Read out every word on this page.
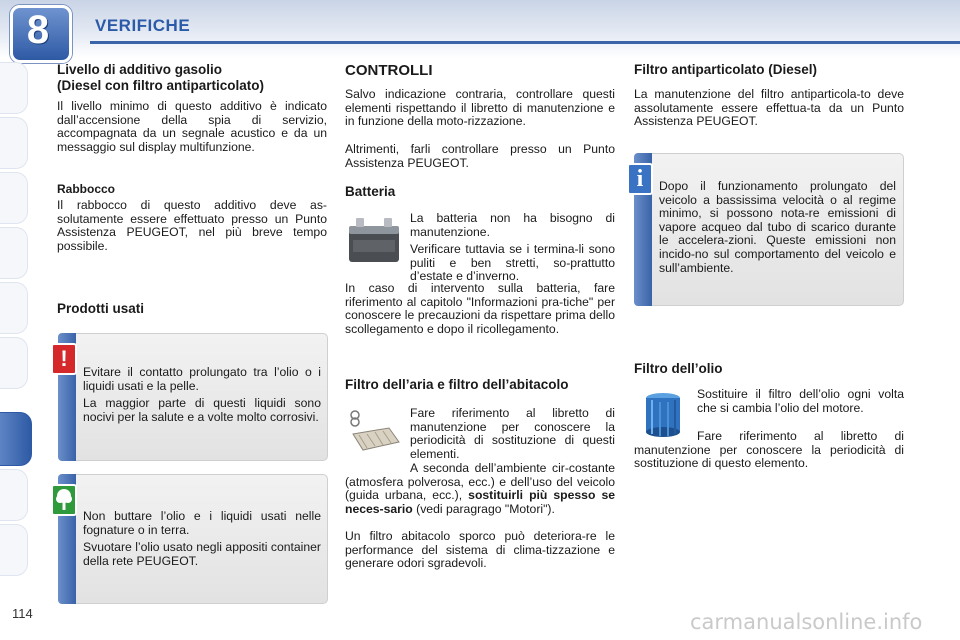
8	VERIFICHE
114
Livello di additivo gasolio
(Diesel con filtro antiparticolato)
Il livello minimo di questo additivo è indicato dall’accensione della spia di servizio, accompagnata da un segnale acustico e da un messaggio sul display multifunzione.
Rabbocco
Il rabbocco di questo additivo deve as-solutamente essere effettuato presso un Punto Assistenza PEUGEOT, nel più breve tempo possibile.
Prodotti usati
!
Evitare il contatto prolungato tra l’olio o i liquidi usati e la pelle.
La maggior parte di questi liquidi sono nocivi per la salute e a volte molto corrosivi.
Non buttare l’olio e i liquidi usati nelle fognature o in terra.
Svuotare l’olio usato negli appositi container della rete PEUGEOT.
CONTROLLI
Salvo indicazione contraria, controllare questi elementi rispettando il libretto di manutenzione e in funzione della moto-rizzazione.
Altrimenti, farli controllare presso un Punto Assistenza PEUGEOT.
Batteria
La batteria non ha bisogno di manutenzione.
Verificare tuttavia se i termina-li sono puliti e ben stretti, so-prattutto d’estate e d’inverno.
In caso di intervento sulla batteria, fare riferimento al capitolo "Informazioni pra-tiche" per conoscere le precauzioni da rispettare prima dello scollegamento e dopo il ricollegamento.
Filtro dell’aria e filtro dell’abitacolo
Fare riferimento al libretto di manutenzione per conoscere la periodicità di sostituzione di questi elementi.
A seconda dell’ambiente cir-costante (atmosfera polverosa, ecc.) e dell’uso del veicolo (guida urbana, ecc.), sostituirli più spesso se neces-sario (vedi paragrago "Motori").
Un filtro abitacolo sporco può deteriora-re le performance del sistema di clima-tizzazione e generare odori sgradevoli.
Filtro antiparticolato (Diesel)
La manutenzione del filtro antiparticola-to deve assolutamente essere effettua-ta da un Punto Assistenza PEUGEOT.
i	Dopo il funzionamento prolungato del veicolo a bassissima velocità o al regime minimo, si possono nota-re emissioni di vapore acqueo dal tubo di scarico durante le accelera-zioni. Queste emissioni non incido-no sul comportamento del veicolo e sull’ambiente.
Filtro dell’olio
Sostituire il filtro dell’olio ogni volta che si cambia l’olio del motore.
Fare riferimento al libretto di manutenzione per conoscere la periodicità di sostituzione di questo elemento.
carmanualsonline.info
